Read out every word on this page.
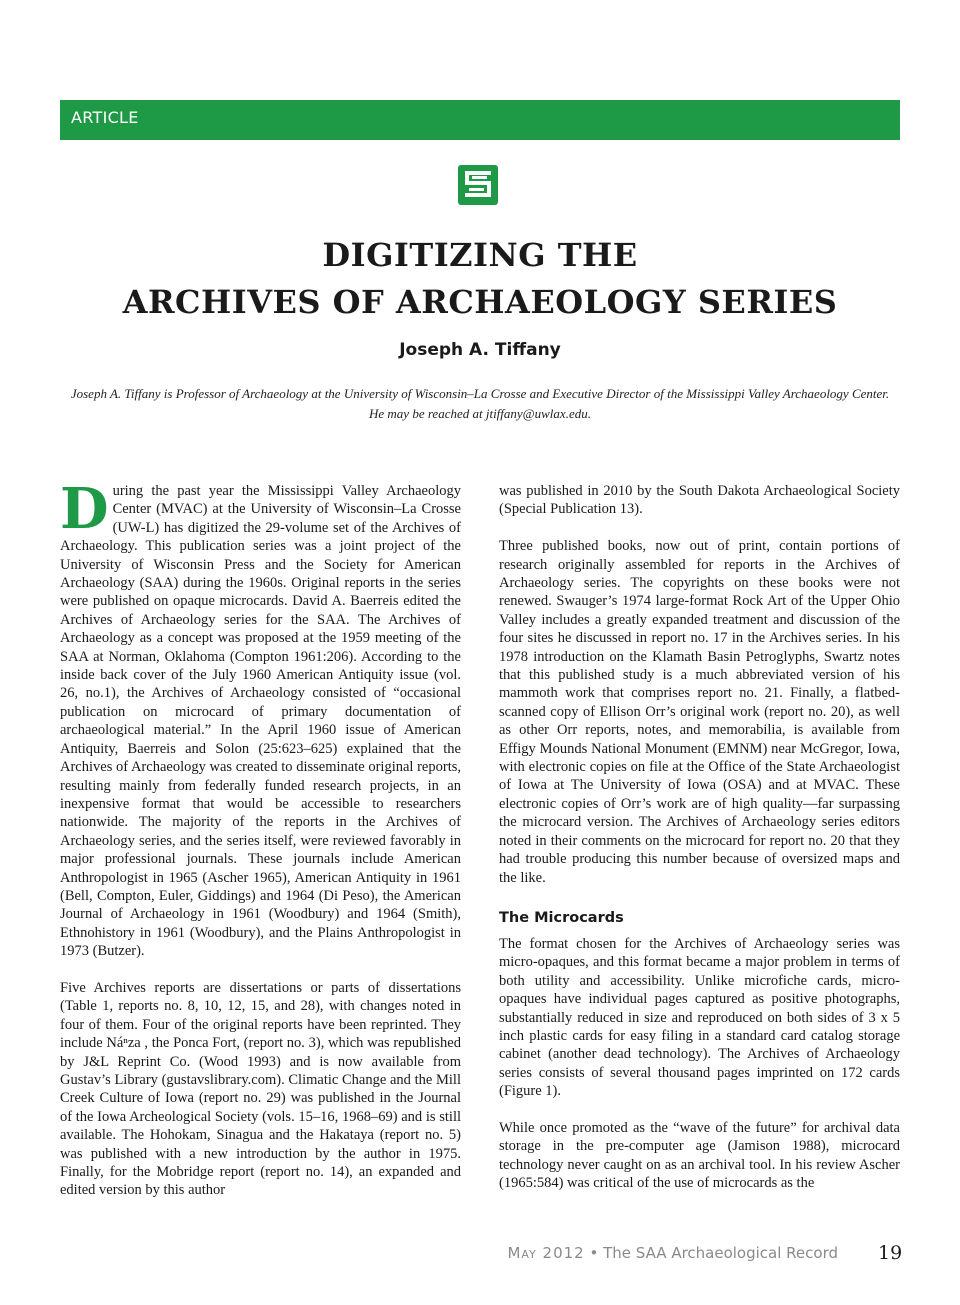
ARTICLE
DIGITIZING THE
ARCHIVES OF ARCHAEOLOGY SERIES
Joseph A. Tiffany

Joseph A. Tiffany is Professor of Archaeology at the University of Wisconsin–La Crosse and Executive Director of the Mississippi Valley Archaeology Center.
He may be reached at jtiffany@uwlax.edu.

During the past year the Mississippi Valley Archaeology Center (MVAC) at the University of Wisconsin–La Crosse (UW-L) has digitized the 29-volume set of the Archives of Archaeology. This publication series was a joint project of the University of Wisconsin Press and the Society for American Archaeology (SAA) during the 1960s. Original reports in the series were published on opaque microcards. David A. Baerreis edited the Archives of Archaeology series for the SAA. The Archives of Archaeology as a concept was proposed at the 1959 meeting of the SAA at Norman, Oklahoma (Compton 1961:206). According to the inside back cover of the July 1960 American Antiquity issue (vol. 26, no.1), the Archives of Archaeology consisted of “occasional publication on microcard of primary documentation of archaeological material.” In the April 1960 issue of American Antiquity, Baerreis and Solon (25:623–625) explained that the Archives of Archaeology was created to disseminate original reports, resulting mainly from federally funded research projects, in an inexpensive format that would be accessible to researchers nationwide. The majority of the reports in the Archives of Archaeology series, and the series itself, were reviewed favorably in major professional journals. These journals include American Anthropologist in 1965 (Ascher 1965), American Antiquity in 1961 (Bell, Compton, Euler, Giddings) and 1964 (Di Peso), the American Journal of Archaeology in 1961 (Woodbury) and 1964 (Smith), Ethnohistory in 1961 (Woodbury), and the Plains Anthropologist in 1973 (Butzer).

Five Archives reports are dissertations or parts of dissertations (Table 1, reports no. 8, 10, 12, 15, and 28), with changes noted in four of them. Four of the original reports have been reprinted. They include Náⁿza , the Ponca Fort, (report no. 3), which was republished by J&L Reprint Co. (Wood 1993) and is now available from Gustav’s Library (gustavslibrary.com). Climatic Change and the Mill Creek Culture of Iowa (report no. 29) was published in the Journal of the Iowa Archeological Society (vols. 15–16, 1968–69) and is still available. The Hohokam, Sinagua and the Hakataya (report no. 5) was published with a new introduction by the author in 1975. Finally, for the Mobridge report (report no. 14), an expanded and edited version by this author

was published in 2010 by the South Dakota Archaeological Society (Special Publication 13).

Three published books, now out of print, contain portions of research originally assembled for reports in the Archives of Archaeology series. The copyrights on these books were not renewed. Swauger’s 1974 large-format Rock Art of the Upper Ohio Valley includes a greatly expanded treatment and discussion of the four sites he discussed in report no. 17 in the Archives series. In his 1978 introduction on the Klamath Basin Petroglyphs, Swartz notes that this published study is a much abbreviated version of his mammoth work that comprises report no. 21. Finally, a flatbed-scanned copy of Ellison Orr’s original work (report no. 20), as well as other Orr reports, notes, and memorabilia, is available from Effigy Mounds National Monument (EMNM) near McGregor, Iowa, with electronic copies on file at the Office of the State Archaeologist of Iowa at The University of Iowa (OSA) and at MVAC. These electronic copies of Orr’s work are of high quality—far surpassing the microcard version. The Archives of Archaeology series editors noted in their comments on the microcard for report no. 20 that they had trouble producing this number because of oversized maps and the like.

The Microcards

The format chosen for the Archives of Archaeology series was micro-opaques, and this format became a major problem in terms of both utility and accessibility. Unlike microfiche cards, micro-opaques have individual pages captured as positive photographs, substantially reduced in size and reproduced on both sides of 3 x 5 inch plastic cards for easy filing in a standard card catalog storage cabinet (another dead technology). The Archives of Archaeology series consists of several thousand pages imprinted on 172 cards (Figure 1).

While once promoted as the “wave of the future” for archival data storage in the pre-computer age (Jamison 1988), microcard technology never caught on as an archival tool. In his review Ascher (1965:584) was critical of the use of microcards as the

May 2012 • The SAA Archaeological Record 19
